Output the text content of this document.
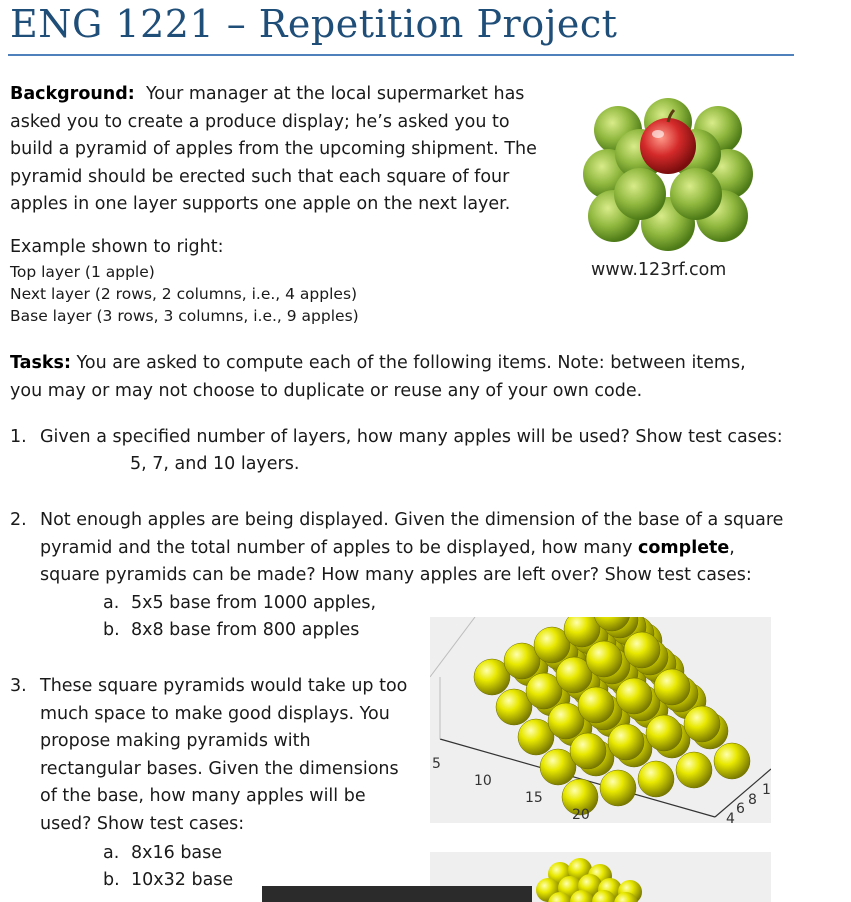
ENG 1221 – Repetition Project
Background: Your manager at the local supermarket has
asked you to create a produce display; he’s asked you to
build a pyramid of apples from the upcoming shipment. The
pyramid should be erected such that each square of four
apples in one layer supports one apple on the next layer.
Example shown to right:
Top layer (1 apple)
Next layer (2 rows, 2 columns, i.e., 4 apples)
Base layer (3 rows, 3 columns, i.e., 9 apples)
www.123rf.com
Tasks: You are asked to compute each of the following items. Note: between items,
you may or may not choose to duplicate or reuse any of your own code.
1. Given a specified number of layers, how many apples will be used? Show test cases:
5, 7, and 10 layers.
2. Not enough apples are being displayed. Given the dimension of the base of a square
pyramid and the total number of apples to be displayed, how many complete,
square pyramids can be made? How many apples are left over? Show test cases:
a. 5x5 base from 1000 apples,
b. 8x8 base from 800 apples
3. These square pyramids would take up too
much space to make good displays. You
propose making pyramids with
rectangular bases. Given the dimensions
of the base, how many apples will be
used? Show test cases:
a. 8x16 base
b. 10x32 base
5
10
15
20	4
6
8
1
